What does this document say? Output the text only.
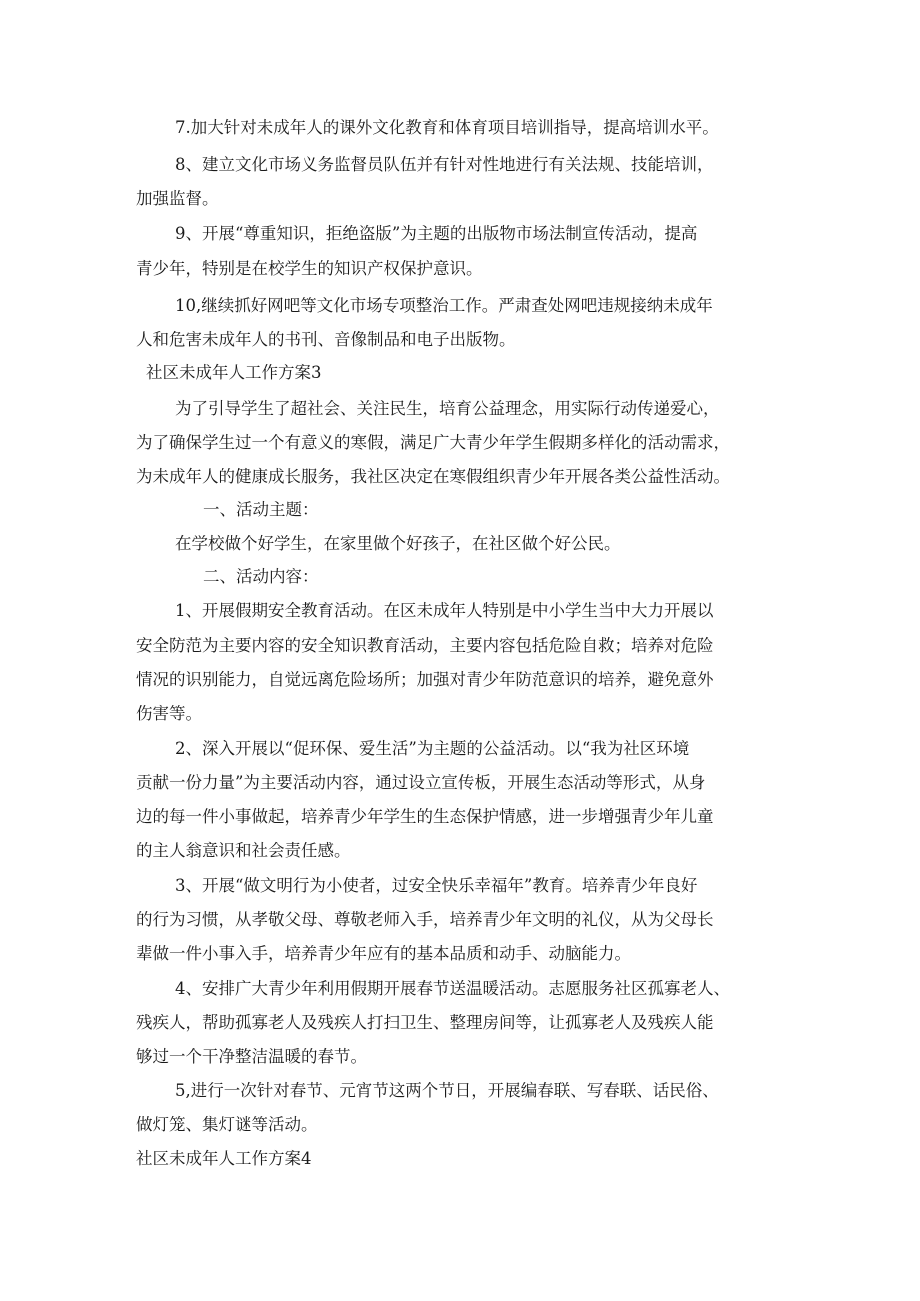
7.加大针对未成年人的课外文化教育和体育项目培训指导，提高培训水平。

8、建立文化市场义务监督员队伍并有针对性地进行有关法规、技能培训，

加强监督。

9、开展“尊重知识，拒绝盗版”为主题的出版物市场法制宣传活动，提高

青少年，特别是在校学生的知识产权保护意识。

10,继续抓好网吧等文化市场专项整治工作。严肃查处网吧违规接纳未成年

人和危害未成年人的书刊、音像制品和电子出版物。

社区未成年人工作方案3

为了引导学生了超社会、关注民生，培育公益理念，用实际行动传递爱心，

为了确保学生过一个有意义的寒假，满足广大青少年学生假期多样化的活动需求，

为未成年人的健康成长服务，我社区决定在寒假组织青少年开展各类公益性活动。

一、活动主题：

在学校做个好学生，在家里做个好孩子，在社区做个好公民。

二、活动内容：

1、开展假期安全教育活动。在区未成年人特别是中小学生当中大力开展以

安全防范为主要内容的安全知识教育活动，主要内容包括危险自救；培养对危险

情况的识别能力，自觉远离危险场所；加强对青少年防范意识的培养，避免意外

伤害等。

2、深入开展以“促环保、爱生活”为主题的公益活动。以“我为社区环境

贡献一份力量”为主要活动内容，通过设立宣传板，开展生态活动等形式，从身

边的每一件小事做起，培养青少年学生的生态保护情感，进一步增强青少年儿童

的主人翁意识和社会责任感。

3、开展“做文明行为小使者，过安全快乐幸福年”教育。培养青少年良好

的行为习惯，从孝敬父母、尊敬老师入手，培养青少年文明的礼仪，从为父母长

辈做一件小事入手，培养青少年应有的基本品质和动手、动脑能力。

4、安排广大青少年利用假期开展春节送温暖活动。志愿服务社区孤寡老人、

残疾人，帮助孤寡老人及残疾人打扫卫生、整理房间等，让孤寡老人及残疾人能

够过一个干净整洁温暖的春节。

5,进行一次针对春节、元宵节这两个节日，开展编春联、写春联、话民俗、

做灯笼、集灯谜等活动。

社区未成年人工作方案4
